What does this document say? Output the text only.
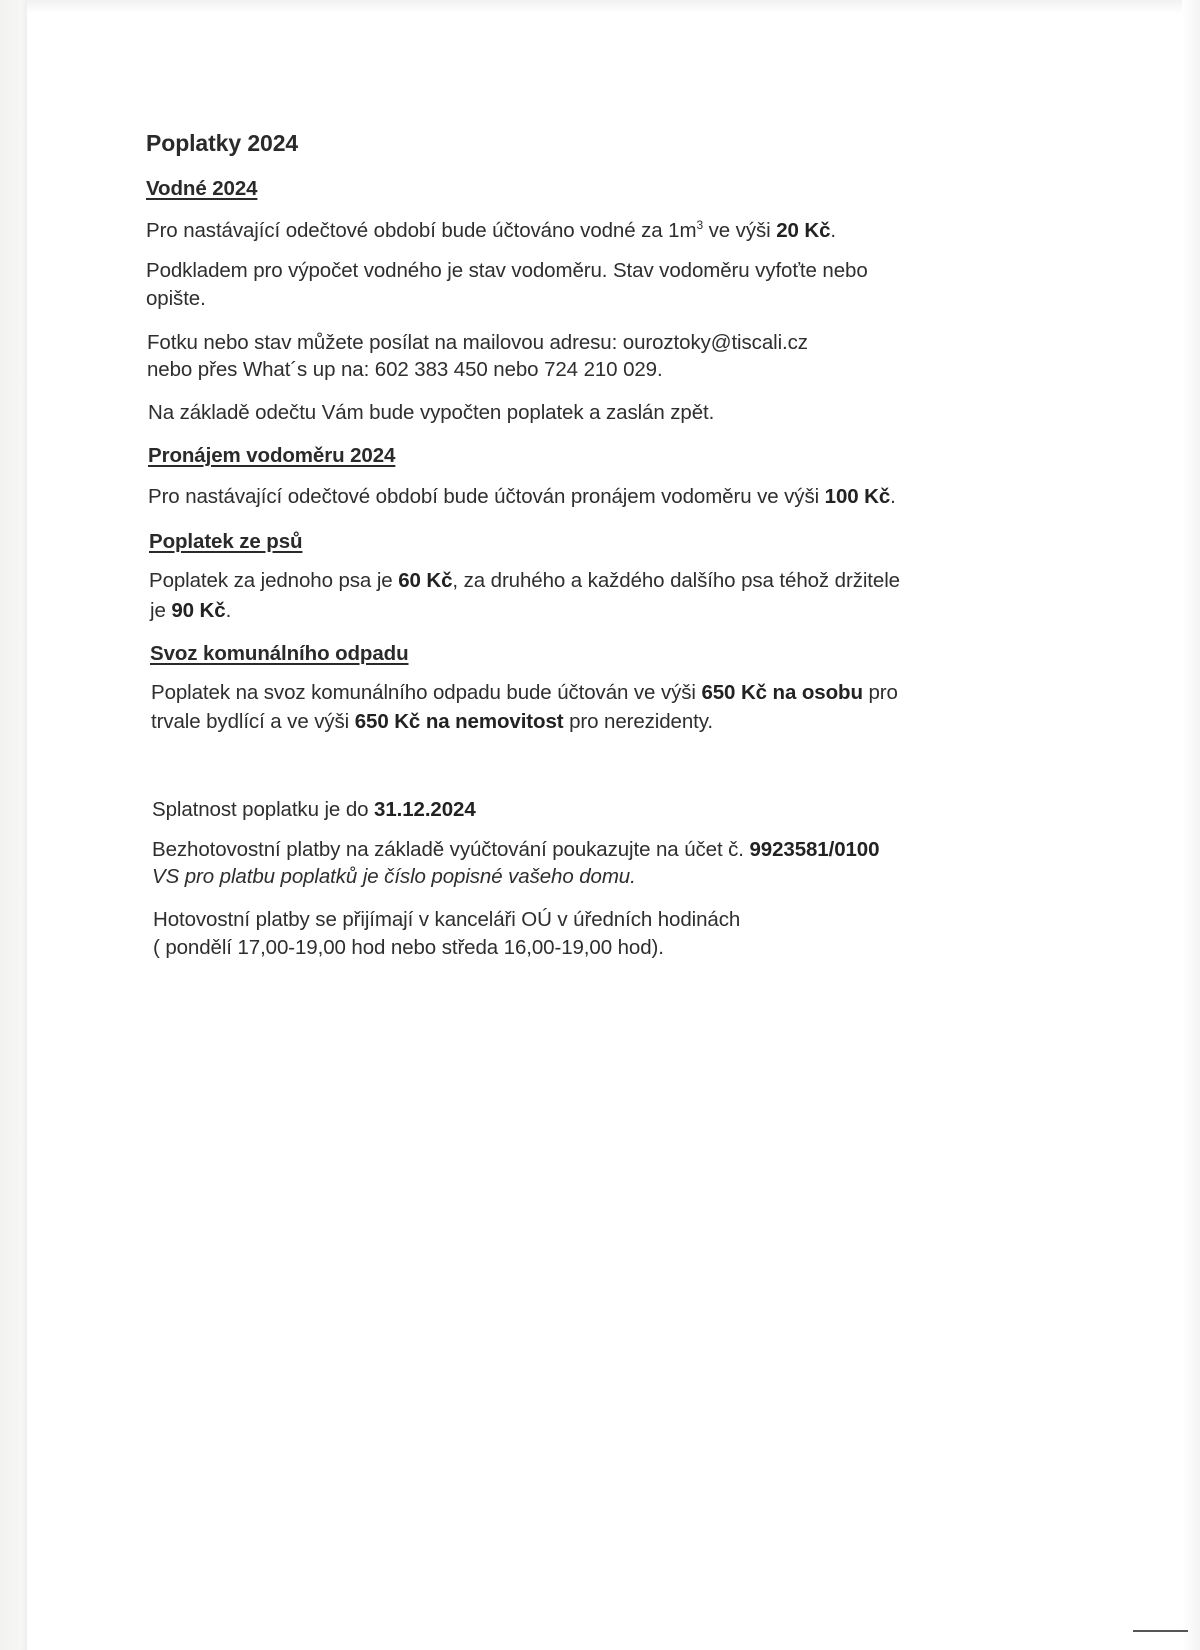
Poplatky 2024
Vodné 2024
Pro nastávající odečtové období bude účtováno vodné za $1m^3$ ve výši 20 Kč.
Podkladem pro výpočet vodného je stav vodoměru. Stav vodoměru vyfoťte nebo
opište.
Fotku nebo stav můžete posílat na mailovou adresu: ouroztoky@tiscali.cz
nebo přes What´s up na: 602 383 450 nebo 724 210 029.
Na základě odečtu Vám bude vypočten poplatek a zaslán zpět.
Pronájem vodoměru 2024
Pro nastávající odečtové období bude účtován pronájem vodoměru ve výši 100 Kč.
Poplatek ze psů
Poplatek za jednoho psa je 60 Kč, za druhého a každého dalšího psa téhož držitele
je 90 Kč.
Svoz komunálního odpadu
Poplatek na svoz komunálního odpadu bude účtován ve výši 650 Kč na osobu pro
trvale bydlící a ve výši 650 Kč na nemovitost pro nerezidenty.
Splatnost poplatku je do 31.12.2024
Bezhotovostní platby na základě vyúčtování poukazujte na účet č. 9923581/0100
VS pro platbu poplatků je číslo popisné vašeho domu.
Hotovostní platby se přijímají v kanceláři OÚ v úředních hodinách
( pondělí 17,00-19,00 hod nebo středa 16,00-19,00 hod).
